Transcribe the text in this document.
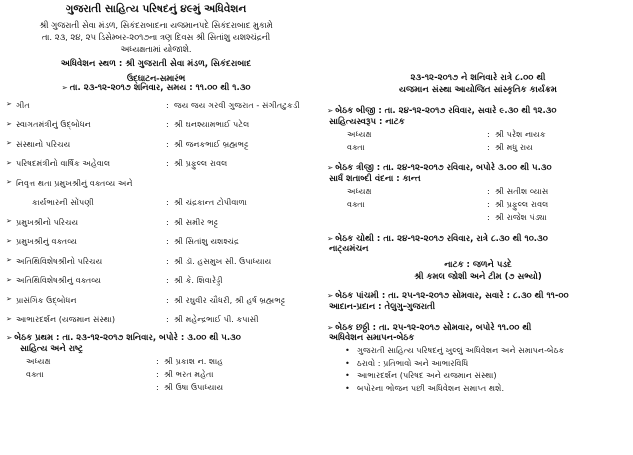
ગુજરાતી સાહિત્ય પરિષદનું ૪૯મું અધિવેશન
શ્રી ગુજરાતી સેવા મંડળ, સિકંદરાબાદના યજમાનપદે સિકંદરાબાદ મુકામે
તા. ૨૩, ૨૪, ૨૫ ડિસેમ્બર-૨૦૧૭ના ત્રણ દિવસ શ્રી સિતાંશુ યશશ્ચંદ્રની
અધ્યક્ષતામાં યોજાશે.
અધિવેશન સ્થળ : શ્રી ગુજરાતી સેવા મંડળ, સિકંદરાબાદ
ઉદ્ઘાટન-સમારંભ
➢ તા. ૨૩-૧૨-૨૦૧૭ શનિવાર, સમય : ૧૧.૦૦ થી ૧.૩૦
➢ ગીત	: જય જય ગરવી ગુજરાત - સંગીતટુકડી
➢ સ્વાગતમંત્રીનું ઉદ્બોધન	: શ્રી ઘનશ્યામભાઈ પટેલ
➢ સંસ્થાનો પરિચય	: શ્રી જનકભાઈ બ્રહ્મભટ્ટ
➢ પરિષદમંત્રીનો વાર્ષિક અહેવાલ	: શ્રી પ્રફુલ્લ રાવલ
➢ નિવૃત્ત થતા પ્રમુખશ્રીનું વક્તવ્ય અને
કાર્યભારની સોંપણી	: શ્રી ચંદ્રકાન્ત ટોપીવાળા
➢ પ્રમુખશ્રીનો પરિચય	: શ્રી સમીર ભટ્ટ
➢ પ્રમુખશ્રીનું વક્તવ્ય	: શ્રી સિતાંશુ યશશ્ચંદ્ર
➢ અતિથિવિશેષશ્રીનો પરિચય	: શ્રી ડૉ. હસમુખ સી. ઉપાધ્યાય
➢ અતિથિવિશેષશ્રીનું વક્તવ્ય	: શ્રી કે. શિવારેડ્ડી
➢ પ્રાસંગિક ઉદ્બોધન	: શ્રી રઘુવીર ચૌધરી, શ્રી હર્ષ બ્રહ્મભટ્ટ
➢ આભારદર્શન (યજમાન સંસ્થા)	: શ્રી મહેન્દ્રભાઈ પી. કપાસી
➢ બેઠક પ્રથમ : તા. ૨૩-૧૨-૨૦૧૭ શનિવાર, બપોરે : ૩.૦૦ થી ૫.૩૦
સાહિત્ય અને રાષ્ટ્ર
અધ્યક્ષ	: શ્રી પ્રકાશ ન. શાહ
વક્તા	: શ્રી ભરત મહેતા
: શ્રી ઉષા ઉપાધ્યાય
૨૩-૧૨-૨૦૧૭ ને શનિવારે રાત્રે ૮.૦૦ થી
યજમાન સંસ્થા આયોજિત સાંસ્કૃતિક કાર્યક્રમ
➢ બેઠક બીજી : તા. ૨૪-૧૨-૨૦૧૭ રવિવાર, સવારે ૯.૩૦ થી ૧૨.૩૦
સાહિત્યસ્વરૂપ : નાટક
અધ્યક્ષ	: શ્રી પરેશ નાયક
વક્તા	: શ્રી મધુ રાય
➢ બેઠક ત્રીજી : તા. ૨૪-૧૨-૨૦૧૭ રવિવાર, બપોરે ૩.૦૦ થી ૫.૩૦
સાર્ધ શતાબ્દી વંદના : કાન્ત
અધ્યક્ષ	: શ્રી સતીશ વ્યાસ
વક્તા	: શ્રી પ્રફુલ્લ રાવલ
: શ્રી રાજેશ પંડ્યા
➢ બેઠક ચોથી : તા. ૨૪-૧૨-૨૦૧૭ રવિવાર, રાત્રે ૮.૩૦ થી ૧૦.૩૦
નાટ્યમંચન
નાટક : જળને પડદે
શ્રી કમલ જોશી અને ટીમ (૭ સભ્યો)
➢ બેઠક પાંચમી : તા. ૨૫-૧૨-૨૦૧૭ સોમવાર, સવારે : ૮.૩૦ થી ૧૧-૦૦
આદાન-પ્રદાન : તેલુગુ-ગુજરાતી
➢ બેઠક છઠ્ઠી : તા. ૨૫-૧૨-૨૦૧૭ સોમવાર, બપોરે ૧૧.૦૦ થી
અધિવેશન સમાપન-બેઠક
• ગુજરાતી સાહિત્ય પરિષદનું ખુલ્લું અધિવેશન અને સમાપન-બેઠક
• ઠરાવો : પ્રતિભાવો અને આભારવિધિ
• આભારદર્શન (પરિષદ અને યજમાન સંસ્થા)
• બપોરના ભોજન પછી અધિવેશન સમાપ્ત થશે.
